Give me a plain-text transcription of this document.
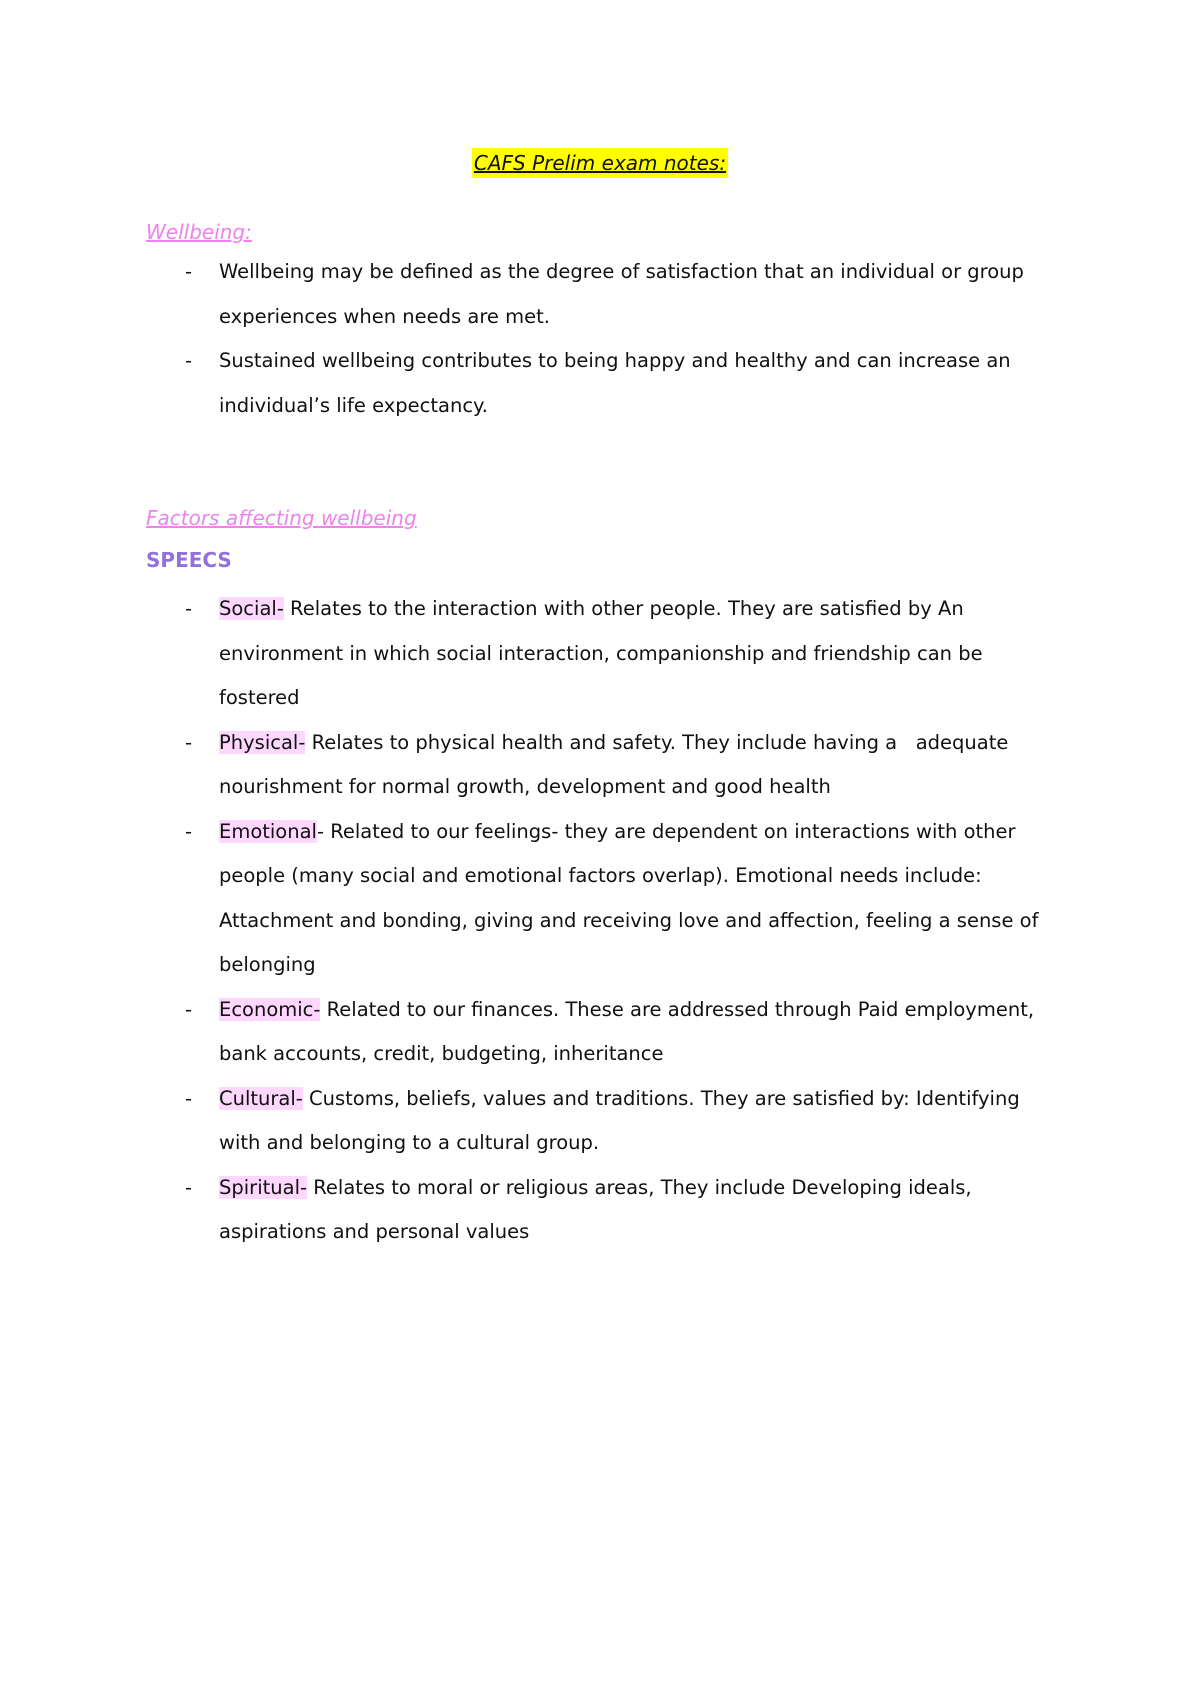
CAFS Prelim exam notes:
Wellbeing:
- Wellbeing may be defined as the degree of satisfaction that an individual or group experiences when needs are met.
- Sustained wellbeing contributes to being happy and healthy and can increase an individual’s life expectancy.
Factors affecting wellbeing
SPEECS
- Social- Relates to the interaction with other people. They are satisfied by An environment in which social interaction, companionship and friendship can be fostered
- Physical- Relates to physical health and safety. They include having a   adequate nourishment for normal growth, development and good health
- Emotional- Related to our feelings- they are dependent on interactions with other people (many social and emotional factors overlap). Emotional needs include: Attachment and bonding, giving and receiving love and affection, feeling a sense of belonging
- Economic- Related to our finances. These are addressed through Paid employment, bank accounts, credit, budgeting, inheritance
- Cultural- Customs, beliefs, values and traditions. They are satisfied by: Identifying with and belonging to a cultural group.
- Spiritual- Relates to moral or religious areas, They include Developing ideals, aspirations and personal values
